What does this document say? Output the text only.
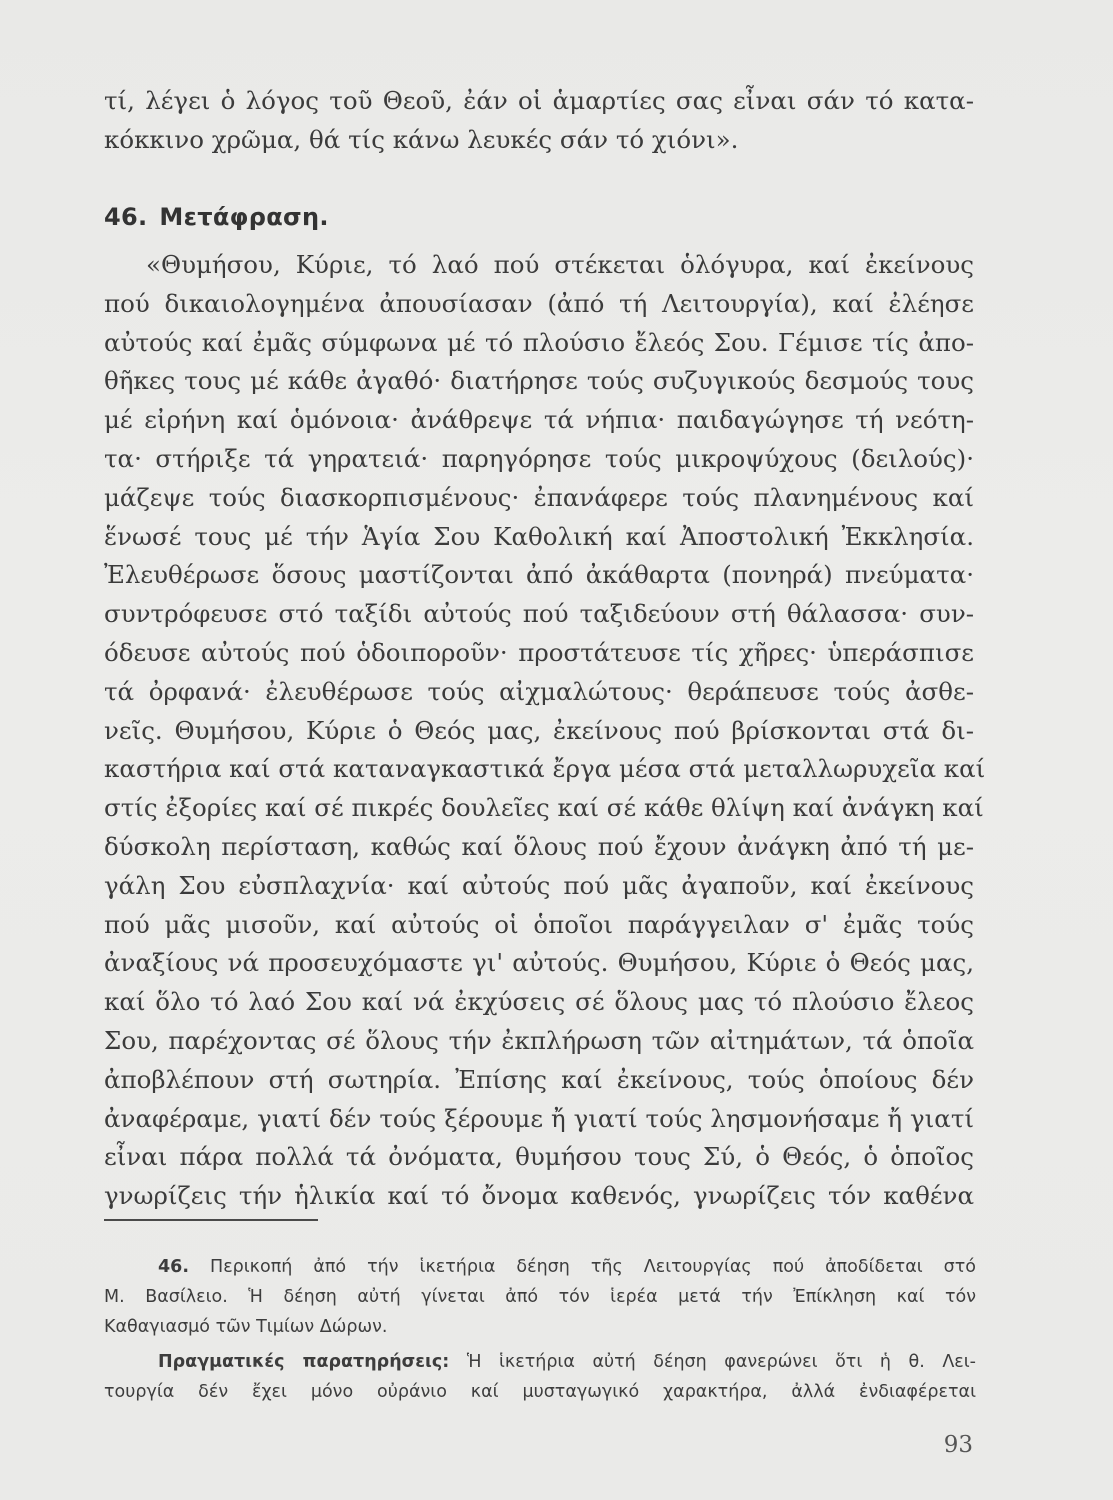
τί, λέγει ὁ λόγος τοῦ Θεοῦ, ἐάν οἱ ἁμαρτίες σας εἶναι σάν τό κατα-
κόκκινο χρῶμα, θά τίς κάνω λευκές σάν τό χιόνι».
46. Μετάφραση.
«Θυμήσου, Κύριε, τό λαό πού στέκεται ὁλόγυρα, καί ἐκείνους
πού δικαιολογημένα ἀπουσίασαν (ἀπό τή Λειτουργία), καί ἐλέησε
αὐτούς καί ἐμᾶς σύμφωνα μέ τό πλούσιο ἔλεός Σου. Γέμισε τίς ἀπο-
θῆκες τους μέ κάθε ἀγαθό· διατήρησε τούς συζυγικούς δεσμούς τους
μέ εἰρήνη καί ὁμόνοια· ἀνάθρεψε τά νήπια· παιδαγώγησε τή νεότη-
τα· στήριξε τά γηρατειά· παρηγόρησε τούς μικροψύχους (δειλούς)·
μάζεψε τούς διασκορπισμένους· ἐπανάφερε τούς πλανημένους καί
ἕνωσέ τους μέ τήν Ἁγία Σου Καθολική καί Ἀποστολική Ἐκκλησία.
Ἐλευθέρωσε ὅσους μαστίζονται ἀπό ἀκάθαρτα (πονηρά) πνεύματα·
συντρόφευσε στό ταξίδι αὐτούς πού ταξιδεύουν στή θάλασσα· συν-
όδευσε αὐτούς πού ὁδοιποροῦν· προστάτευσε τίς χῆρες· ὑπεράσπισε
τά ὀρφανά· ἐλευθέρωσε τούς αἰχμαλώτους· θεράπευσε τούς ἀσθε-
νεῖς. Θυμήσου, Κύριε ὁ Θεός μας, ἐκείνους πού βρίσκονται στά δι-
καστήρια καί στά καταναγκαστικά ἔργα μέσα στά μεταλλωρυχεῖα καί
στίς ἐξορίες καί σέ πικρές δουλεῖες καί σέ κάθε θλίψη καί ἀνάγκη καί
δύσκολη περίσταση, καθώς καί ὅλους πού ἔχουν ἀνάγκη ἀπό τή με-
γάλη Σου εὐσπλαχνία· καί αὐτούς πού μᾶς ἀγαποῦν, καί ἐκείνους
πού μᾶς μισοῦν, καί αὐτούς οἱ ὁποῖοι παράγγειλαν σ' ἐμᾶς τούς
ἀναξίους νά προσευχόμαστε γι' αὐτούς. Θυμήσου, Κύριε ὁ Θεός μας,
καί ὅλο τό λαό Σου καί νά ἐκχύσεις σέ ὅλους μας τό πλούσιο ἔλεος
Σου, παρέχοντας σέ ὅλους τήν ἐκπλήρωση τῶν αἰτημάτων, τά ὁποῖα
ἀποβλέπουν στή σωτηρία. Ἐπίσης καί ἐκείνους, τούς ὁποίους δέν
ἀναφέραμε, γιατί δέν τούς ξέρουμε ἤ γιατί τούς λησμονήσαμε ἤ γιατί
εἶναι πάρα πολλά τά ὀνόματα, θυμήσου τους Σύ, ὁ Θεός, ὁ ὁποῖος
γνωρίζεις τήν ἡλικία καί τό ὄνομα καθενός, γνωρίζεις τόν καθένα
46. Περικοπή ἀπό τήν ἱκετήρια δέηση τῆς Λειτουργίας πού ἀποδίδεται στό
Μ. Βασίλειο. Ἡ δέηση αὐτή γίνεται ἀπό τόν ἱερέα μετά τήν Ἐπίκληση καί τόν
Καθαγιασμό τῶν Τιμίων Δώρων.
Πραγματικές παρατηρήσεις: Ἡ ἱκετήρια αὐτή δέηση φανερώνει ὅτι ἡ θ. Λει-
τουργία δέν ἔχει μόνο οὐράνιο καί μυσταγωγικό χαρακτήρα, ἀλλά ἐνδιαφέρεται
93
